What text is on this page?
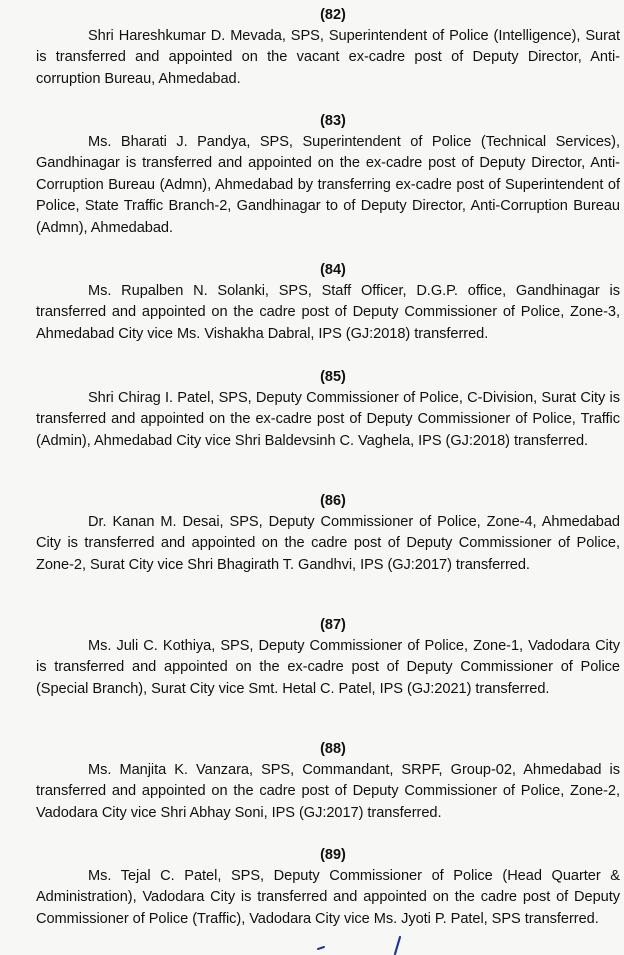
(82)

Shri Hareshkumar D. Mevada, SPS, Superintendent of Police (Intelligence), Surat is transferred and appointed on the vacant ex-cadre post of Deputy Director, Anti-corruption Bureau, Ahmedabad.

(83)

Ms. Bharati J. Pandya, SPS, Superintendent of Police (Technical Services), Gandhinagar is transferred and appointed on the ex-cadre post of Deputy Director, Anti-Corruption Bureau (Admn), Ahmedabad by transferring ex-cadre post of Superintendent of Police, State Traffic Branch-2, Gandhinagar to of Deputy Director, Anti-Corruption Bureau (Admn), Ahmedabad.

(84)

Ms. Rupalben N. Solanki, SPS, Staff Officer, D.G.P. office, Gandhinagar is transferred and appointed on the cadre post of Deputy Commissioner of Police, Zone-3, Ahmedabad City vice Ms. Vishakha Dabral, IPS (GJ:2018) transferred.

(85)

Shri Chirag I. Patel, SPS, Deputy Commissioner of Police, C-Division, Surat City is transferred and appointed on the ex-cadre post of Deputy Commissioner of Police, Traffic (Admin), Ahmedabad City vice Shri Baldevsinh C. Vaghela, IPS (GJ:2018) transferred.

(86)

Dr. Kanan M. Desai, SPS, Deputy Commissioner of Police, Zone-4, Ahmedabad City is transferred and appointed on the cadre post of Deputy Commissioner of Police, Zone-2, Surat City vice Shri Bhagirath T. Gandhvi, IPS (GJ:2017) transferred.

(87)

Ms. Juli C. Kothiya, SPS, Deputy Commissioner of Police, Zone-1, Vadodara City is transferred and appointed on the ex-cadre post of Deputy Commissioner of Police (Special Branch), Surat City vice Smt. Hetal C. Patel, IPS (GJ:2021) transferred.

(88)

Ms. Manjita K. Vanzara, SPS, Commandant, SRPF, Group-02, Ahmedabad is transferred and appointed on the cadre post of Deputy Commissioner of Police, Zone-2, Vadodara City vice Shri Abhay Soni, IPS (GJ:2017) transferred.

(89)

Ms. Tejal C. Patel, SPS, Deputy Commissioner of Police (Head Quarter & Administration), Vadodara City is transferred and appointed on the cadre post of Deputy Commissioner of Police (Traffic), Vadodara City vice Ms. Jyoti P. Patel, SPS transferred.
